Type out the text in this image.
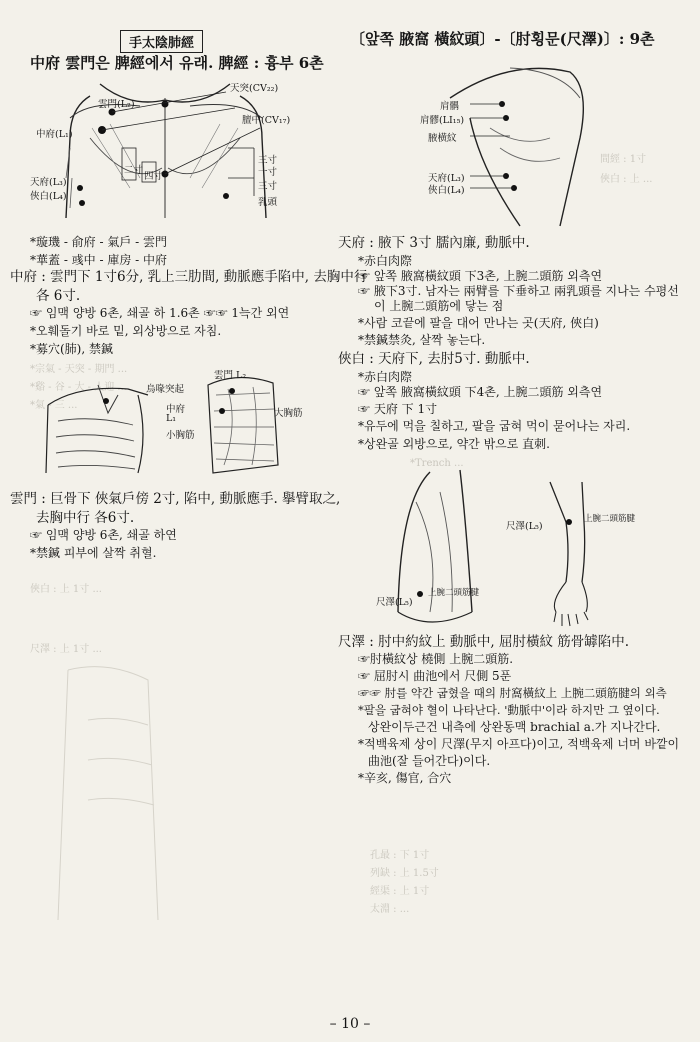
手太陰肺經
中府 雲門은 脾經에서 유래. 脾經 : 흉부 6촌
雲門(L₂)
天突(CV₂₂)
中府(L₁)
膻中(CV₁₇)
天府(L₃)
俠白(L₄)
三寸
三寸
一寸
二寸
四寸
乳頭
*璇璣 - 俞府 - 氣戶 - 雲門
*華蓋 - 彧中 - 庫房 - 中府
中府 : 雲門下 1寸6分, 乳上三肋間, 動脈應手陷中, 去胸中行
各 6寸.
☞ 임맥 양방 6촌, 쇄골 하 1.6촌 ☞☞ 1늑간 외연
*오훼돌기 바로 밑, 외상방으로 자침.
*募穴(肺), 禁鍼
*宗氣 - 天突 - 期門 ...
*谿 - 谷 - 大 - 人迎 ...
*氣 - 三 ...
雲門 L₂
烏喙突起
中府
L₁
小胸筋
大胸筋
雲門 : 巨骨下 俠氣戶傍 2寸, 陷中, 動脈應手. 擧臂取之,
去胸中行 各6寸.
☞ 임맥 양방 6촌, 쇄골 하연
*禁鍼 피부에 살짝 취혈.
俠白 : 上 1寸 ...
尺澤 : 上 1寸 ...
〔앞쪽 腋窩 橫紋頭〕-〔肘횡문(尺澤)〕: 9촌
肩髃
肩髎(LI₁₅)
腋横紋
天府(L₃)
俠白(L₄)
間經 : 1寸
俠白 : 上 ...
天府 : 腋下 3寸 臑內廉, 動脈中.
*赤白肉際
☞ 앞쪽 腋窩橫紋頭 下3촌, 上腕二頭筋 외측연
☞ 腋下3寸. 남자는 兩臂를 下垂하고 兩乳頭를 지나는 수평선
이 上腕二頭筋에 닿는 점
*사람 코끝에 팔을 대어 만나는 곳(天府, 俠白)
*禁鍼禁灸, 살짝 놓는다.
俠白 : 天府下, 去肘5寸. 動脈中.
*赤白肉際
☞ 앞쪽 腋窩橫紋頭 下4촌, 上腕二頭筋 외측연
☞ 天府 下 1寸
*유두에 먹을 칠하고, 팔을 굽혀 먹이 묻어나는 자리.
*상완골 외방으로, 약간 밖으로 直刺.
*Trench ...
尺澤(L₅)
上腕二頭筋腱
尺澤(L₅)
上腕二頭筋腱
尺澤 : 肘中約紋上 動脈中, 屈肘橫紋 筋骨罅陷中.
☞肘橫紋상 橈側 上腕二頭筋.
☞ 屈肘시 曲池에서 尺側 5푼
☞☞ 肘를 약간 굽혔을 때의 肘窩橫紋上 上腕二頭筋腱의 외측
*팔을 굽혀야 혈이 나타난다. '動脈中'이라 하지만 그 옆이다.
상완이두근건 내측에 상완동맥 brachial a.가 지나간다.
*적백육제 상이 尺澤(무지 아프다)이고, 적백육제 너머 바깥이
曲池(잘 들어간다)이다.
*辛亥, 傷官, 合穴
孔最 : 下 1寸
列缺 : 上 1.5寸
經渠 : 上 1寸
太淵 : ...
– 10 –
